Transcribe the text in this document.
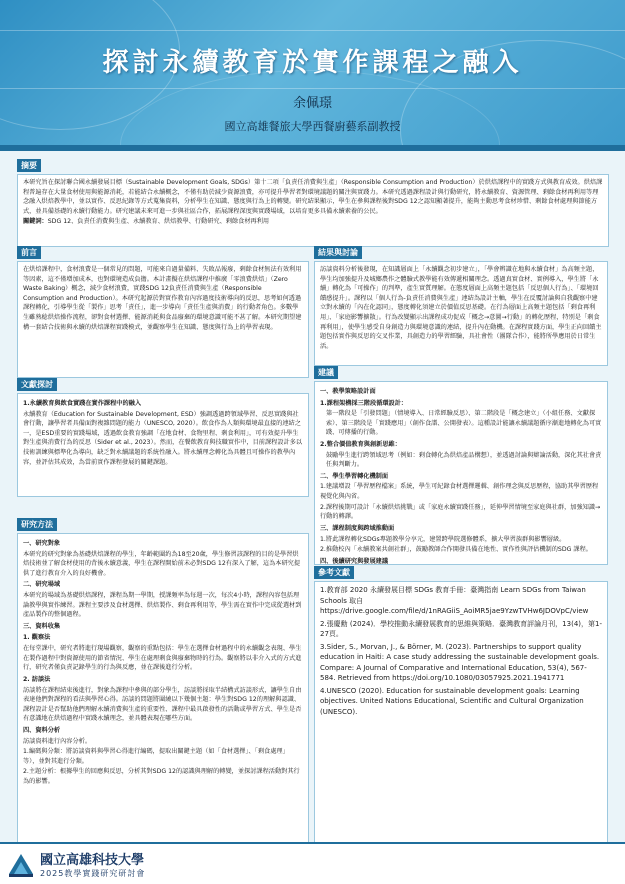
探討永續教育於實作課程之融入
余佩璟
國立高雄餐旅大學西餐廚藝系副教授
摘要

本研究旨在探討聯合國永續發展目標（Sustainable Development Goals, SDGs）第十二項「負責任消費與生產」（Responsible Consumption and Production）於烘焙課程中的實踐方式與教育成效。烘焙課程普遍存在大量食材使用與能源消耗，若能結合永續概念，不僅有助於減少資源浪費，亦可提升學習者對環境議題的關注與實踐力。本研究透過課程設計與行動研究，將永續教育、資源管理、剩餘食材再利用等理念融入烘焙教學中，並以實作、反思紀錄等方式蒐集資料，分析學生在知識、態度與行為上的轉變。研究結果顯示，學生在參與課程後對SDG 12之認知顯著提升，能夠主動思考食材珍惜、剩餘食材處理與節能方式，並具備基礎的永續行動能力。研究建議未來可進一步與社區合作，拓展課程深度與實踐場域，以培育更多具備永續素養的公民。

關鍵詞：SDG 12、負責任消費與生產、永續教育、烘焙教學、行動研究、剩餘食材再利用

前言

在烘焙課程中，食材浪費是一個常見的問題，可能來自過量備料、失敗品報廢，剩餘食材無法有效利用等因素，這不僅增加成本，也對環境造成負擔。本計畫擬在烘焙課程中推廣「零浪費烘焙」（Zero Waste Baking）概念，減少食材浪費，實踐SDG 12負責任消費與生產（Responsible Consumption and Production）。本研究起源於對實作教育內容過度技術導向的反思，思考如何透過課程轉化，引導學生從「製作」思考「責任」，進一步導向「責任生產與消費」的行動者角色。多數學生雖熟稔烘焙操作流程，卻對食材選擇、能源消耗與食品廢棄的環境意識可能不甚了解。本研究期望建構一套結合技術與永續的烘焙課程實踐模式，並觀察學生在知識、態度與行為上的學習表現。

文獻探討

1.永續教育與飲食實踐在實作課程中的融入

永續教育（Education for Sustainable Development, ESD）強調透過跨領域學習、反思實踐與社會行動，讓學習者具備面對複雜問題的能力（UNESCO, 2020）。飲食作為人類與環境最直接的連結之一，是ESD重要的實踐場域，透過飲食教育強調「在地食材、食物里程、剩食利用」，可有效提升學生對生產與消費行為的反思（Sider et al., 2023）。然而，在餐飲教育與技職實作中，目前課程設計多以技術訓練與標準化為導向，缺乏對永續議題的系統性融入。將永續理念轉化為具體且可操作的教學內容，並評估其成效，為當前實作課程發展的關鍵課題。

研究方法

一、研究對象

本研究的研究對象為基礎烘焙課程的學生，年齡範圍約為18至20歲，學生修習該課程的目的是學習烘焙技術並了解食材使用的背後永續意義，學生在課程開始前未必對SDG 12有深入了解，這為本研究提供了進行教育介入的良好機會。

二、研究場域

本研究的場域為基礎烘焙課程，課程為期一學期，授課頻率為每週一次，每次4小時，課程內容包括理論教學與實作練習。課程主要涉及食材選擇、烘焙製作、剩食再利用等，學生需在實作中完成從選材到產品製作的整個過程。

三、資料收集

1. 觀察法

在每堂課中，研究者將進行現場觀察，觀察的重點包括：學生在選擇食材過程中的永續觀念表現、學生在製作過程中對資源使用的節省情況、學生在處理剩食與廢棄物時的行為。觀察將以非介入式的方式進行，研究者僅負責記錄學生的行為與反應，並在課後進行分析。

2. 訪談法

訪談將在課程結束後進行，對象為課程中參與的部分學生，訪談將採取半結構式訪談形式，讓學生自由表達他們對課程的看法與學習心得。訪談的問題將圍繞以下幾個主題：學生對SDG 12的理解與認識、課程設計是否幫助他們理解永續消費與生產的重要性、課程中最具啟發性的活動或學習方式、學生是否有意識地在烘焙過程中實踐永續理念，並具體表現在哪些方面。

四、資料分析

訪談資料進行內容分析。

1.編碼與分類：將訪談資料與學習心得進行編碼，提取出關鍵主題（如「食材選擇」、「剩食處理」等），並對其進行分類。

2.主題分析：根據學生的回應與反思，分析其對SDG 12的認識與理解的轉變，並探討課程活動對其行為的影響。

結果與討論

訪談資料分析後發現，在知識層面上「永續觀念初步建立」，「學會辨識在地與永續食材」為高頻主題，學生均加強提升及城鄉農作之體驗式教學能有效傳遞相關理念。透過真實食材、實例導入，學生將「永續」轉化為「可操作」的判準，產生實質理解。在態度層面上高頻主題包括「反思個人行為」、「環境回饋感提升」。課程以「個人行為-負責任消費與生產」連結為設計主軸，學生在反覆討論與自我觀察中建立對永續的「內在化認同」，態度轉化須建立於價值反思基礎。在行為層面上高頻主題包括「剩食再利用」、「家庭影響擴散」。行為改變顯示出課程成功促成「概念→意圖→行動」的轉化歷程，特別是「剩食再利用」，使學生感受自身創造力與環境意識的連結，提升內在動機。在課程實踐方面，學生正向回饋主題包括實作與反思的交叉作業，具創造力的學習經驗，具社會性（團隊合作），能將所學應用於日常生活。

建議

一、教學策略設計面

1.課程架構採三階段循環設計：

第一階段是「引發問題」（情境導入、日常經驗反思）、第二階段是「概念建立」（小組任務、文獻探索）、第三階段是「實踐應用」（創作食譜、公開發表）。這種設計能讓永續議題循序漸進地轉化為可實踐、可傳播的行動。

2.整合價值教育與創新思維：

鼓勵學生進行跨領域思考（例如：剩食轉化為烘焙產品構想），並透過討論與辯論活動，深化其社會責任與判斷力。

二、學生學習轉化機制面

1.建議增設「學習歷程檔案」系統，學生可紀錄食材選擇邏輯、創作理念與反思歷程，協助其學習歷程視覺化與內省。

2.課程後期可設計「永續烘焙挑戰」或「家庭永續實踐任務」，延伸學習情境至家庭與社群，加強知識→行動的轉譯。

三、課程制度與跨域推動面

1.將此課程轉化SDGs專題教學分享元，建置跨學院選修體系，擴大學習族群與影響層級。

2.推動校內「永續教案共創社群」，鼓勵教師合作開發具備在地性、實作性與評估機制的SDG 課程。

四、後續研究與發展建議

參考文獻

1.教育部 2020 永續發展目標 SDGs 教育手冊：臺灣指南 Learn SDGs from Taiwan Schools 取自 https://drive.google.com/file/d/1nRAGiiS_AoiMR5jae9YzwTVHw6JDOVpC/view

2.張慶勳 (2024)．學校推動永續發展教育的思維與策略．臺灣教育評論月刊，13(4)，第1-27頁。

3.Sider, S., Morvan, J., & Börner, M. (2023). Partnerships to support quality education in Haiti: A case study addressing the sustainable development goals. Compare: A Journal of Comparative and International Education, 53(4), 567-584. Retrieved from https://doi.org/10.1080/03057925.2021.1941771

4.UNESCO (2020). Education for sustainable development goals: Learning objectives. United Nations Educational, Scientific and Cultural Organization (UNESCO).

國立高雄科技大學
2025教學實踐研究研討會
